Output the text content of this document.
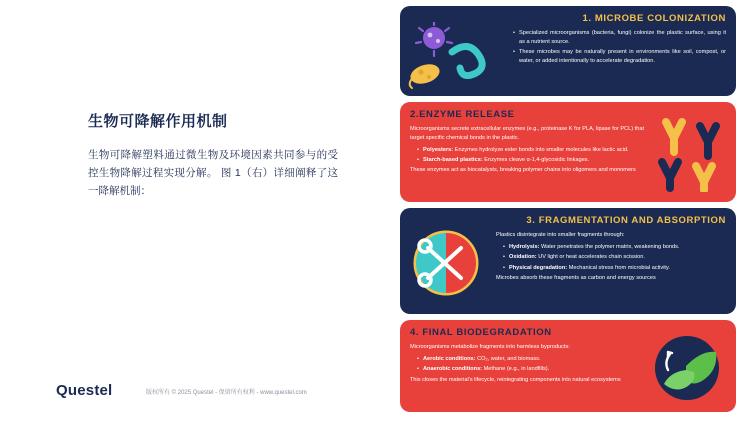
生物可降解作用机制

生物可降解塑料通过微生物及环境因素共同参与的受控生物降解过程实现分解。 图 1（右）详细阐释了这一降解机制：

Questel	版权所有 © 2025 Questel - 保留所有权利 - www.questel.com
1. MICROBE COLONIZATION
• Specialized microorganisms (bacteria, fungi) colonize the plastic surface, using it as a nutrient source.
• These microbes may be naturally present in environments like soil, compost, or water, or added intentionally to accelerate degradation.
2.ENZYME RELEASE

Microorganisms secrete extracellular enzymes (e.g., proteinase K for PLA, lipase for PCL) that target specific chemical bonds in the plastic.

• Polyesters: Enzymes hydrolyze ester bonds into smaller molecules like lactic acid.
• Starch-based plastics: Enzymes cleave α-1,4-glycosidic linkages.

These enzymes act as biocatalysts, breaking polymer chains into oligomers and monomers

3. FRAGMENTATION AND ABSORPTION

Plastics disintegrate into smaller fragments through:

• Hydrolysis: Water penetrates the polymer matrix, weakening bonds.
• Oxidation: UV light or heat accelerates chain scission.
• Physical degradation: Mechanical stress from microbial activity.

Microbes absorb these fragments as carbon and energy sources

4. FINAL BIODEGRADATION

Microorganisms metabolize fragments into harmless byproducts:

• Aerobic conditions: CO₂, water, and biomass.
• Anaerobic conditions: Methane (e.g., in landfills).

This closes the material's lifecycle, reintegrating components into natural ecosystems
